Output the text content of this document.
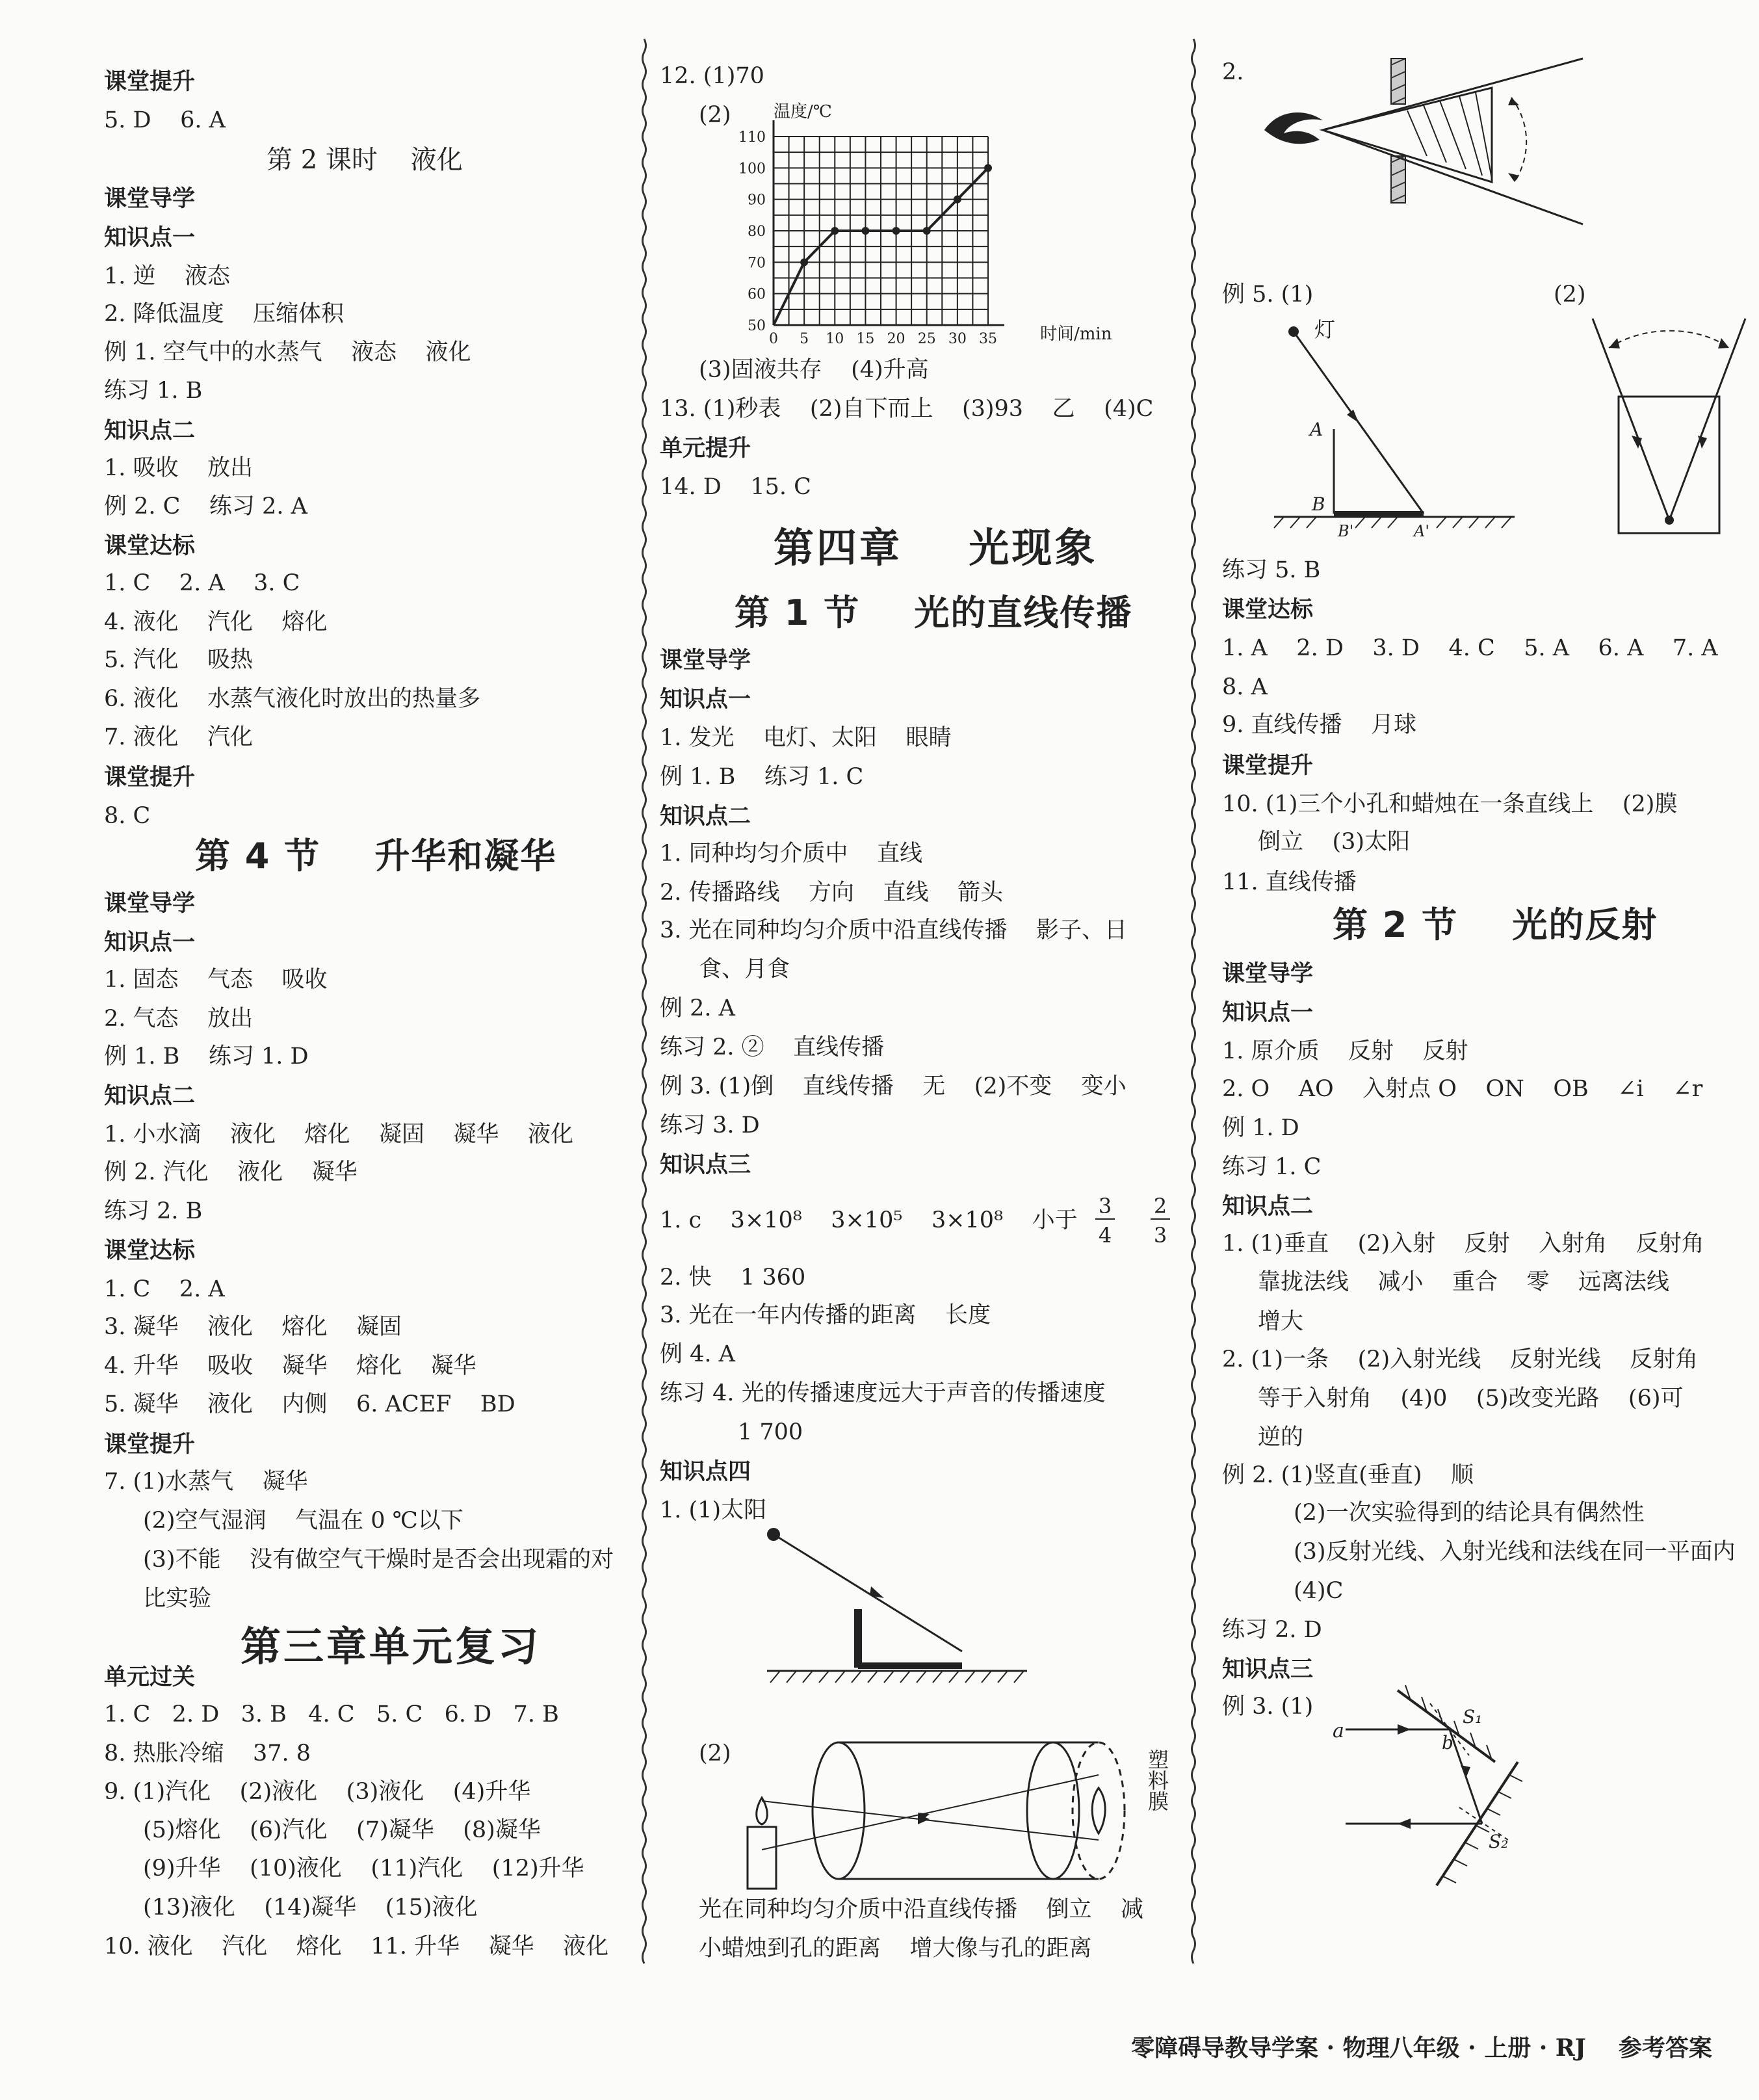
课堂提升
5. D    6. A
第 2 课时    液化
课堂导学
知识点一
1. 逆    液态
2. 降低温度    压缩体积
例 1. 空气中的水蒸气    液态    液化
练习 1. B
知识点二
1. 吸收    放出
例 2. C    练习 2. A
课堂达标
1. C    2. A    3. C
4. 液化    汽化    熔化
5. 汽化    吸热
6. 液化    水蒸气液化时放出的热量多
7. 液化    汽化
课堂提升
8. C
第 4 节    升华和凝华
课堂导学
知识点一
1. 固态    气态    吸收
2. 气态    放出
例 1. B    练习 1. D
知识点二
1. 小水滴    液化    熔化    凝固    凝华    液化
例 2. 汽化    液化    凝华
练习 2. B
课堂达标
1. C    2. A
3. 凝华    液化    熔化    凝固
4. 升华    吸收    凝华    熔化    凝华
5. 凝华    液化    内侧    6. ACEF    BD
课堂提升
7. (1)水蒸气    凝华
(2)空气湿润    气温在 0 ℃以下
(3)不能    没有做空气干燥时是否会出现霜的对
比实验
第三章单元复习
单元过关
1. C   2. D   3. B   4. C   5. C   6. D   7. B
8. 热胀冷缩    37. 8
9. (1)汽化    (2)液化    (3)液化    (4)升华
(5)熔化    (6)汽化    (7)凝华    (8)凝华
(9)升华    (10)液化    (11)汽化    (12)升华
(13)液化    (14)凝华    (15)液化
10. 液化    汽化    熔化    11. 升华    凝华    液化
12. (1)70
(2)
(3)固液共存    (4)升高
13. (1)秒表    (2)自下而上    (3)93    乙    (4)C
单元提升
14. D    15. C
第四章    光现象
第 1 节    光的直线传播
课堂导学
知识点一
1. 发光    电灯、太阳    眼睛
例 1. B    练习 1. C
知识点二
1. 同种均匀介质中    直线
2. 传播路线    方向    直线    箭头
3. 光在同种均匀介质中沿直线传播    影子、日
食、月食
例 2. A
练习 2. ②    直线传播
例 3. (1)倒    直线传播    无    (2)不变    变小
练习 3. D
知识点三
1. c    3×10⁸    3×10⁵    3×10⁸    小于
2. 快    1 360
3. 光在一年内传播的距离    长度
例 4. A
练习 4. 光的传播速度远大于声音的传播速度
1 700
知识点四
1. (1)太阳
(2)
光在同种均匀介质中沿直线传播    倒立    减
小蜡烛到孔的距离    增大像与孔的距离
2.
例 5. (1)	(2)
练习 5. B
课堂达标
1. A    2. D    3. D    4. C    5. A    6. A    7. A
8. A
9. 直线传播    月球
课堂提升
10. (1)三个小孔和蜡烛在一条直线上    (2)膜
倒立    (3)太阳
11. 直线传播
第 2 节    光的反射
课堂导学
知识点一
1. 原介质    反射    反射
2. O    AO    入射点 O    ON    OB    ∠i    ∠r
例 1. D
练习 1. C
知识点二
1. (1)垂直    (2)入射    反射    入射角    反射角
靠拢法线    减小    重合    零    远离法线
增大
2. (1)一条    (2)入射光线    反射光线    反射角
等于入射角    (4)0    (5)改变光路    (6)可
逆的
例 2. (1)竖直(垂直)    顺
(2)一次实验得到的结论具有偶然性
(3)反射光线、入射光线和法线在同一平面内
(4)C
练习 2. D
知识点三
例 3. (1)
3
4
2
3
50
60
70
80
90
100
110
0 5 10 15 20 25 30 35
温度/℃
时间/min
塑料膜
灯
A
B
B'	A'
a
b
S₁
S₂
零障碍导教导学案 · 物理八年级 · 上册 · RJ    参考答案
